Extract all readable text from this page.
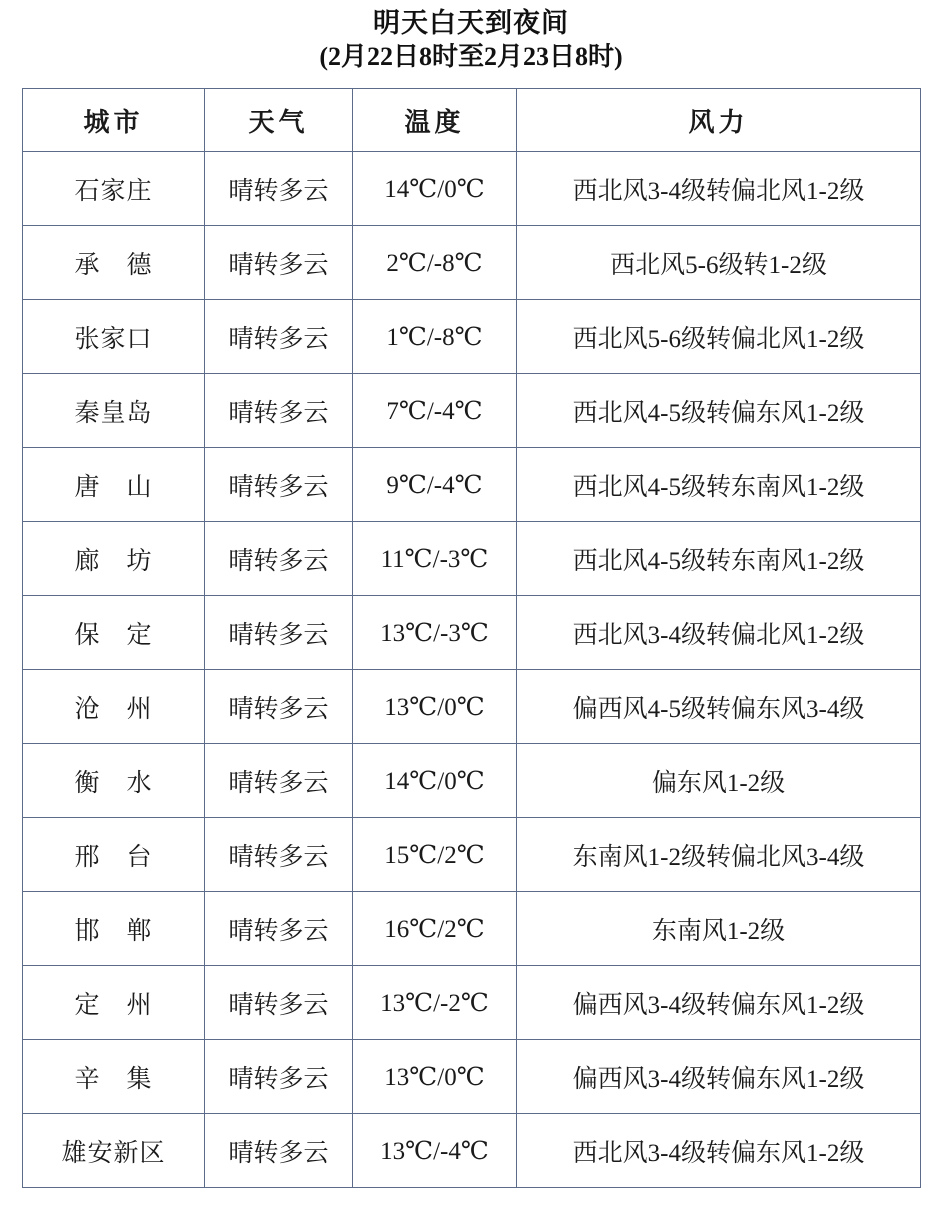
明天白天到夜间
(2月22日8时至2月23日8时)
城市	天气	温度	风力
石家庄	晴转多云	14℃/0℃	西北风3-4级转偏北风1-2级
承　德	晴转多云	2℃/-8℃	西北风5-6级转1-2级
张家口	晴转多云	1℃/-8℃	西北风5-6级转偏北风1-2级
秦皇岛	晴转多云	7℃/-4℃	西北风4-5级转偏东风1-2级
唐　山	晴转多云	9℃/-4℃	西北风4-5级转东南风1-2级
廊　坊	晴转多云	11℃/-3℃	西北风4-5级转东南风1-2级
保　定	晴转多云	13℃/-3℃	西北风3-4级转偏北风1-2级
沧　州	晴转多云	13℃/0℃	偏西风4-5级转偏东风3-4级
衡　水	晴转多云	14℃/0℃	偏东风1-2级
邢　台	晴转多云	15℃/2℃	东南风1-2级转偏北风3-4级
邯　郸	晴转多云	16℃/2℃	东南风1-2级
定　州	晴转多云	13℃/-2℃	偏西风3-4级转偏东风1-2级
辛　集	晴转多云	13℃/0℃	偏西风3-4级转偏东风1-2级
雄安新区	晴转多云	13℃/-4℃	西北风3-4级转偏东风1-2级
